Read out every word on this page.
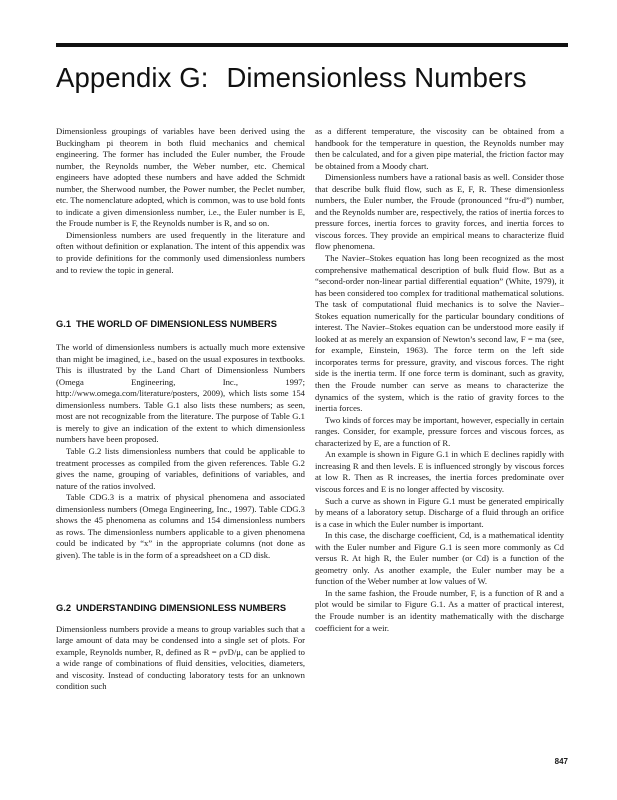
Appendix G: Dimensionless Numbers

Dimensionless groupings of variables have been derived using the Buckingham pi theorem in both fluid mechanics and chemical engineering. The former has included the Euler number, the Froude number, the Reynolds number, the Weber number, etc. Chemical engineers have adopted these numbers and have added the Schmidt number, the Sherwood number, the Power number, the Peclet number, etc. The nomenclature adopted, which is common, was to use bold fonts to indicate a given dimensionless number, i.e., the Euler number is E, the Froude number is F, the Reynolds number is R, and so on.

Dimensionless numbers are used frequently in the literature and often without definition or explanation. The intent of this appendix was to provide definitions for the commonly used dimensionless numbers and to review the topic in general.

G.1 THE WORLD OF DIMENSIONLESS NUMBERS

The world of dimensionless numbers is actually much more extensive than might be imagined, i.e., based on the usual exposures in textbooks. This is illustrated by the Land Chart of Dimensionless Numbers (Omega Engineering, Inc., 1997; http://www.omega.com/literature/posters, 2009), which lists some 154 dimensionless numbers. Table G.1 also lists these numbers; as seen, most are not recognizable from the literature. The purpose of Table G.1 is merely to give an indication of the extent to which dimensionless numbers have been proposed.

Table G.2 lists dimensionless numbers that could be applicable to treatment processes as compiled from the given references. Table G.2 gives the name, grouping of variables, definitions of variables, and nature of the ratios involved.

Table CDG.3 is a matrix of physical phenomena and associated dimensionless numbers (Omega Engineering, Inc., 1997). Table CDG.3 shows the 45 phenomena as columns and 154 dimensionless numbers as rows. The dimensionless numbers applicable to a given phenomena could be indicated by “x” in the appropriate columns (not done as given). The table is in the form of a spreadsheet on a CD disk.

G.2 UNDERSTANDING DIMENSIONLESS NUMBERS

Dimensionless numbers provide a means to group variables such that a large amount of data may be condensed into a single set of plots. For example, Reynolds number, R, defined as R = ρvD/μ, can be applied to a wide range of combinations of fluid densities, velocities, diameters, and viscosity. Instead of conducting laboratory tests for an unknown condition such

as a different temperature, the viscosity can be obtained from a handbook for the temperature in question, the Reynolds number may then be calculated, and for a given pipe material, the friction factor may be obtained from a Moody chart.

Dimensionless numbers have a rational basis as well. Consider those that describe bulk fluid flow, such as E, F, R. These dimensionless numbers, the Euler number, the Froude (pronounced “fru-d”) number, and the Reynolds number are, respectively, the ratios of inertia forces to pressure forces, inertia forces to gravity forces, and inertia forces to viscous forces. They provide an empirical means to characterize fluid flow phenomena.

The Navier–Stokes equation has long been recognized as the most comprehensive mathematical description of bulk fluid flow. But as a “second-order non-linear partial differential equation” (White, 1979), it has been considered too complex for traditional mathematical solutions. The task of computational fluid mechanics is to solve the Navier–Stokes equation numerically for the particular boundary conditions of interest. The Navier–Stokes equation can be understood more easily if looked at as merely an expansion of Newton’s second law, F = ma (see, for example, Einstein, 1963). The force term on the left side incorporates terms for pressure, gravity, and viscous forces. The right side is the inertia term. If one force term is dominant, such as gravity, then the Froude number can serve as means to characterize the dynamics of the system, which is the ratio of gravity forces to the inertia forces.

Two kinds of forces may be important, however, especially in certain ranges. Consider, for example, pressure forces and viscous forces, as characterized by E, are a function of R.

An example is shown in Figure G.1 in which E declines rapidly with increasing R and then levels. E is influenced strongly by viscous forces at low R. Then as R increases, the inertia forces predominate over viscous forces and E is no longer affected by viscosity.

Such a curve as shown in Figure G.1 must be generated empirically by means of a laboratory setup. Discharge of a fluid through an orifice is a case in which the Euler number is important.

In this case, the discharge coefficient, Cd, is a mathematical identity with the Euler number and Figure G.1 is seen more commonly as Cd versus R. At high R, the Euler number (or Cd) is a function of the geometry only. As another example, the Euler number may be a function of the Weber number at low values of W.

In the same fashion, the Froude number, F, is a function of R and a plot would be similar to Figure G.1. As a matter of practical interest, the Froude number is an identity mathematically with the discharge coefficient for a weir.

847
